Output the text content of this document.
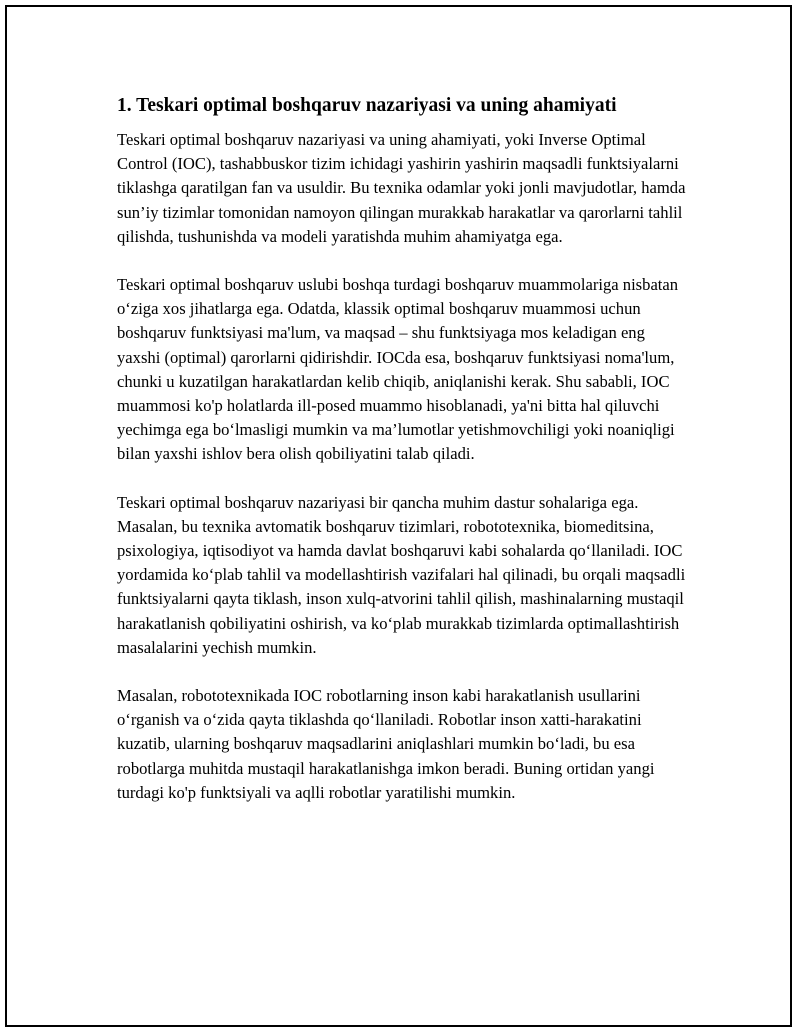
1. Teskari optimal boshqaruv nazariyasi va uning ahamiyati

Teskari optimal boshqaruv nazariyasi va uning ahamiyati, yoki Inverse Optimal Control (IOC), tashabbuskor tizim ichidagi yashirin yashirin maqsadli funktsiyalarni tiklashga qaratilgan fan va usuldir. Bu texnika odamlar yoki jonli mavjudotlar, hamda sun’iy tizimlar tomonidan namoyon qilingan murakkab harakatlar va qarorlarni tahlil qilishda, tushunishda va modeli yaratishda muhim ahamiyatga ega.

Teskari optimal boshqaruv uslubi boshqa turdagi boshqaruv muammolariga nisbatan o‘ziga xos jihatlarga ega. Odatda, klassik optimal boshqaruv muammosi uchun boshqaruv funktsiyasi ma'lum, va maqsad – shu funktsiyaga mos keladigan eng yaxshi (optimal) qarorlarni qidirishdir. IOCda esa, boshqaruv funktsiyasi noma'lum, chunki u kuzatilgan harakatlardan kelib chiqib, aniqlanishi kerak. Shu sababli, IOC muammosi ko'p holatlarda ill-posed muammo hisoblanadi, ya'ni bitta hal qiluvchi yechimga ega bo‘lmasligi mumkin va ma’lumotlar yetishmovchiligi yoki noaniqligi bilan yaxshi ishlov bera olish qobiliyatini talab qiladi.

Teskari optimal boshqaruv nazariyasi bir qancha muhim dastur sohalariga ega. Masalan, bu texnika avtomatik boshqaruv tizimlari, robototexnika, biomeditsina, psixologiya, iqtisodiyot va hamda davlat boshqaruvi kabi sohalarda qo‘llaniladi. IOC yordamida ko‘plab tahlil va modellashtirish vazifalari hal qilinadi, bu orqali maqsadli funktsiyalarni qayta tiklash, inson xulq-atvorini tahlil qilish, mashinalarning mustaqil harakatlanish qobiliyatini oshirish, va ko‘plab murakkab tizimlarda optimallashtirish masalalarini yechish mumkin.

Masalan, robototexnikada IOC robotlarning inson kabi harakatlanish usullarini o‘rganish va o‘zida qayta tiklashda qo‘llaniladi. Robotlar inson xatti-harakatini kuzatib, ularning boshqaruv maqsadlarini aniqlashlari mumkin bo‘ladi, bu esa robotlarga muhitda mustaqil harakatlanishga imkon beradi. Buning ortidan yangi turdagi ko'p funktsiyali va aqlli robotlar yaratilishi mumkin.
